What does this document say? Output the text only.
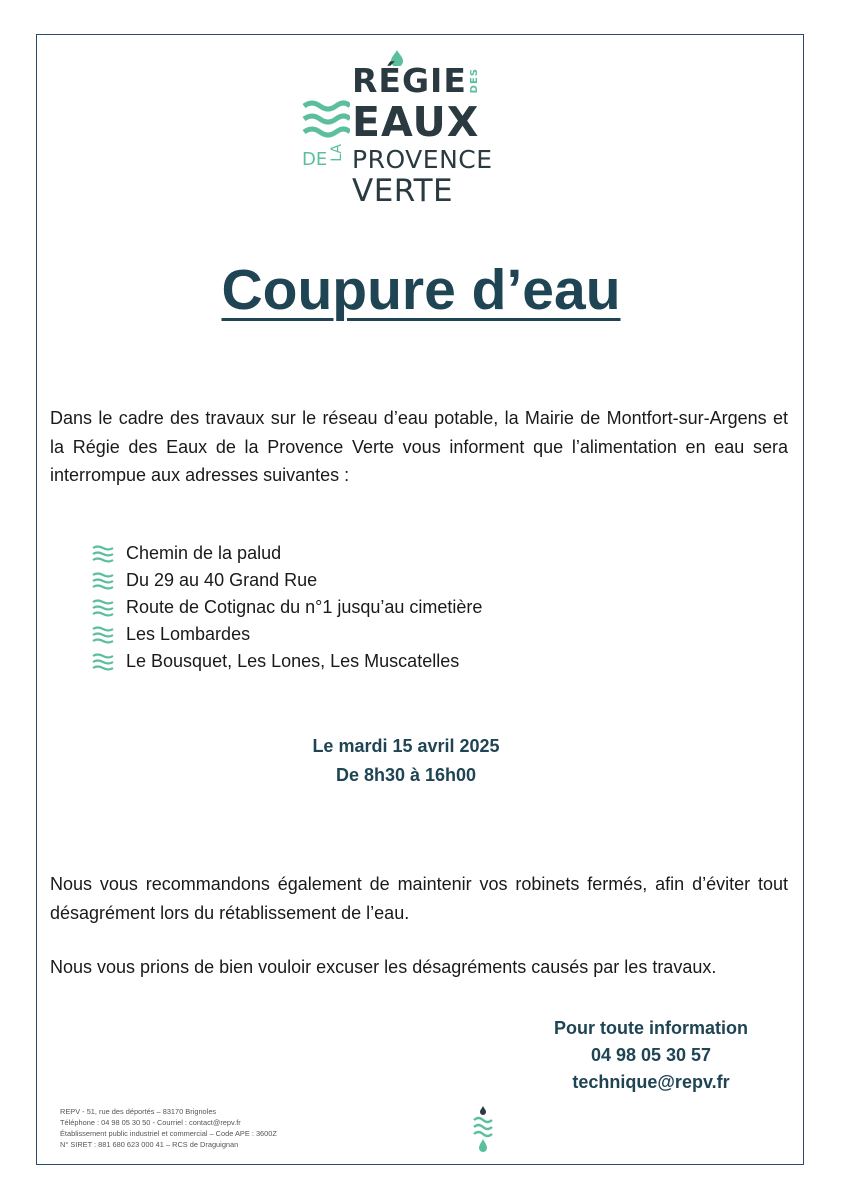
RÉGIE DES
EAUX
DE LA PROVENCE
VERTE
Coupure d’eau

Dans le cadre des travaux sur le réseau d’eau potable, la Mairie de Montfort-sur-Argens et la Régie des Eaux de la Provence Verte vous informent que l’alimentation en eau sera interrompue aux adresses suivantes :

Chemin de la palud
Du 29 au 40 Grand Rue
Route de Cotignac du n°1 jusqu’au cimetière
Les Lombardes
Le Bousquet, Les Lones, Les Muscatelles
Le mardi 15 avril 2025
De 8h30 à 16h00

Nous vous recommandons également de maintenir vos robinets fermés, afin d’éviter tout désagrément lors du rétablissement de l’eau.

Nous vous prions de bien vouloir excuser les désagréments causés par les travaux.

Pour toute information
04 98 05 30 57
technique@repv.fr
REPV - 51, rue des déportés – 83170 Brignoles
Téléphone : 04 98 05 30 50 - Courriel : contact@repv.fr
Établissement public industriel et commercial – Code APE : 3600Z
N° SIRET : 881 680 623 000 41 – RCS de Draguignan
